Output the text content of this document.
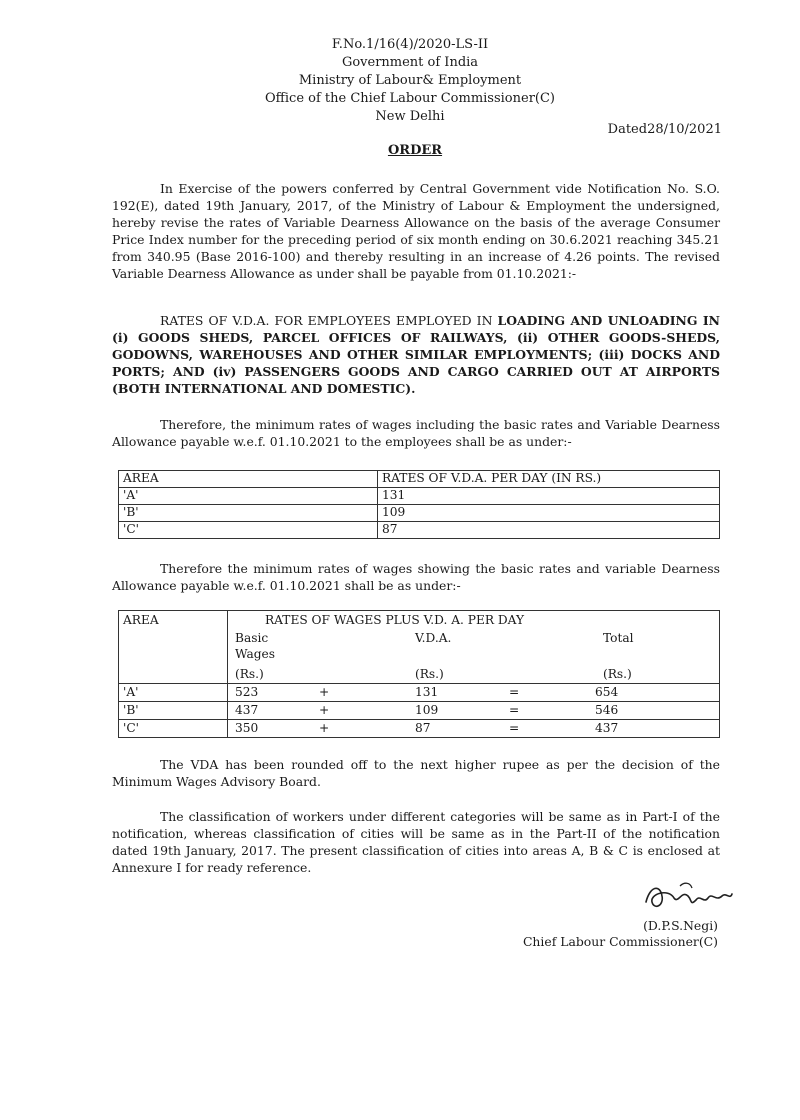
F.No.1/16(4)/2020-LS-II
Government of India
Ministry of Labour& Employment
Office of the Chief Labour Commissioner(C)
New Delhi
Dated28/10/2021
ORDER

In Exercise of the powers conferred by Central Government vide Notification No. S.O. 192(E), dated 19th January, 2017, of the Ministry of Labour & Employment the undersigned, hereby revise the rates of Variable Dearness Allowance on the basis of the average Consumer Price Index number for the preceding period of six month ending on 30.6.2021 reaching 345.21 from 340.95 (Base 2016-100) and thereby resulting in an increase of 4.26 points. The revised Variable Dearness Allowance as under shall be payable from 01.10.2021:-

RATES OF V.D.A. FOR EMPLOYEES EMPLOYED IN LOADING AND UNLOADING IN (i) GOODS SHEDS, PARCEL OFFICES OF RAILWAYS, (ii) OTHER GOODS-SHEDS, GODOWNS, WAREHOUSES AND OTHER SIMILAR EMPLOYMENTS; (iii) DOCKS AND PORTS; AND (iv) PASSENGERS GOODS AND CARGO CARRIED OUT AT AIRPORTS (BOTH INTERNATIONAL AND DOMESTIC).

Therefore, the minimum rates of wages including the basic rates and Variable Dearness Allowance payable w.e.f. 01.10.2021 to the employees shall be as under:-

AREA	RATES OF V.D.A. PER DAY (IN RS.)
'A'	131
'B'	109
'C'	87

Therefore the minimum rates of wages showing the basic rates and variable Dearness Allowance payable w.e.f. 01.10.2021 shall be as under:-

AREA	RATES OF WAGES PLUS V.D. A. PER DAY
Basic
Wages
(Rs.)
V.D.A.
(Rs.)
Total
(Rs.)
'A'	523	+	131	=	654
'B'	437	+	109	=	546
'C'	350	+	87	=	437

The VDA has been rounded off to the next higher rupee as per the decision of the Minimum Wages Advisory Board.

The classification of workers under different categories will be same as in Part-I of the notification, whereas classification of cities will be same as in the Part-II of the notification dated 19th January, 2017. The present classification of cities into areas A, B & C is enclosed at Annexure I for ready reference.

(D.P.S.Negi)
Chief Labour Commissioner(C)
